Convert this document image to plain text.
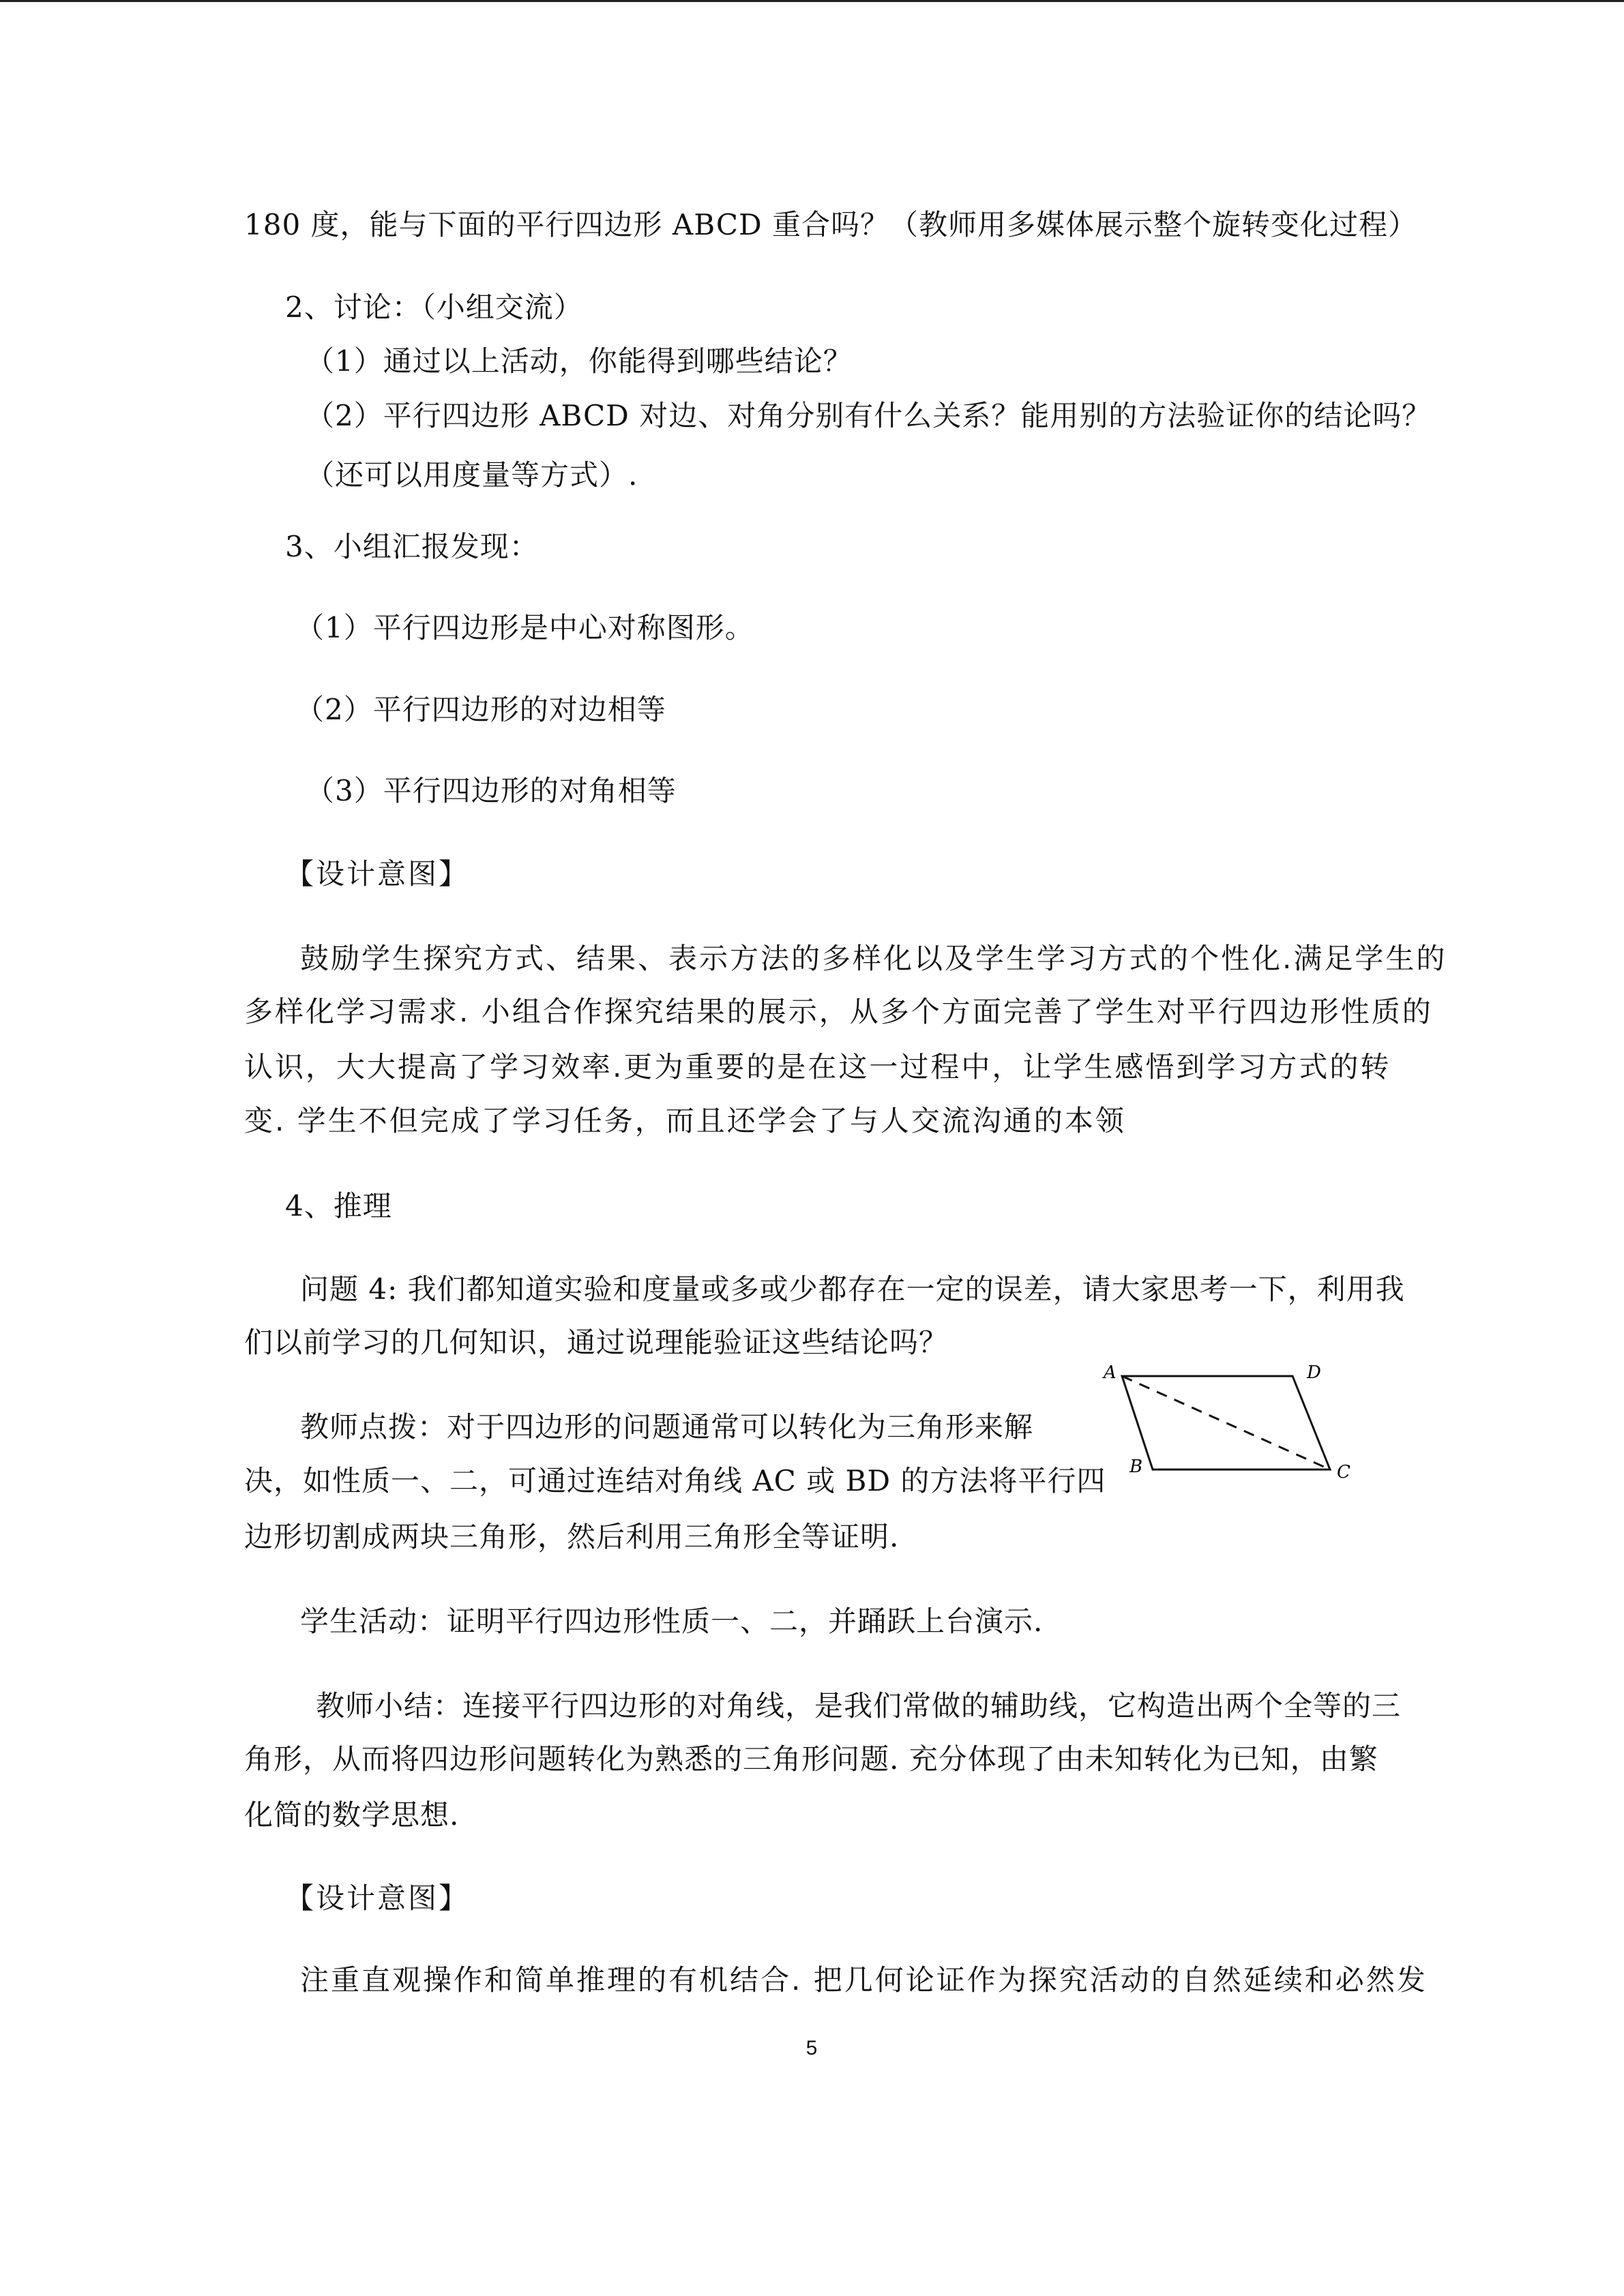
180 度，能与下面的平行四边形 ABCD 重合吗？（教师用多媒体展示整个旋转变化过程）

2、讨论：（小组交流）

（1）通过以上活动，你能得到哪些结论？

（2）平行四边形 ABCD 对边、对角分别有什么关系？能用别的方法验证你的结论吗？

（还可以用度量等方式）.

3、小组汇报发现：

（1）平行四边形是中心对称图形。

（2）平行四边形的对边相等

（3）平行四边形的对角相等

【设计意图】

鼓励学生探究方式、结果、表示方法的多样化以及学生学习方式的个性化.满足学生的

多样化学习需求. 小组合作探究结果的展示，从多个方面完善了学生对平行四边形性质的

认识，大大提高了学习效率.更为重要的是在这一过程中，让学生感悟到学习方式的转

变. 学生不但完成了学习任务，而且还学会了与人交流沟通的本领

4、推理

问题 4: 我们都知道实验和度量或多或少都存在一定的误差，请大家思考一下，利用我

们以前学习的几何知识，通过说理能验证这些结论吗？

教师点拨：对于四边形的问题通常可以转化为三角形来解

决，如性质一、二，可通过连结对角线 AC 或 BD 的方法将平行四

边形切割成两块三角形，然后利用三角形全等证明.

A	D
B	C

学生活动：证明平行四边形性质一、二，并踊跃上台演示.

教师小结：连接平行四边形的对角线，是我们常做的辅助线，它构造出两个全等的三

角形，从而将四边形问题转化为熟悉的三角形问题. 充分体现了由未知转化为已知，由繁

化简的数学思想.

【设计意图】

注重直观操作和简单推理的有机结合. 把几何论证作为探究活动的自然延续和必然发

5
